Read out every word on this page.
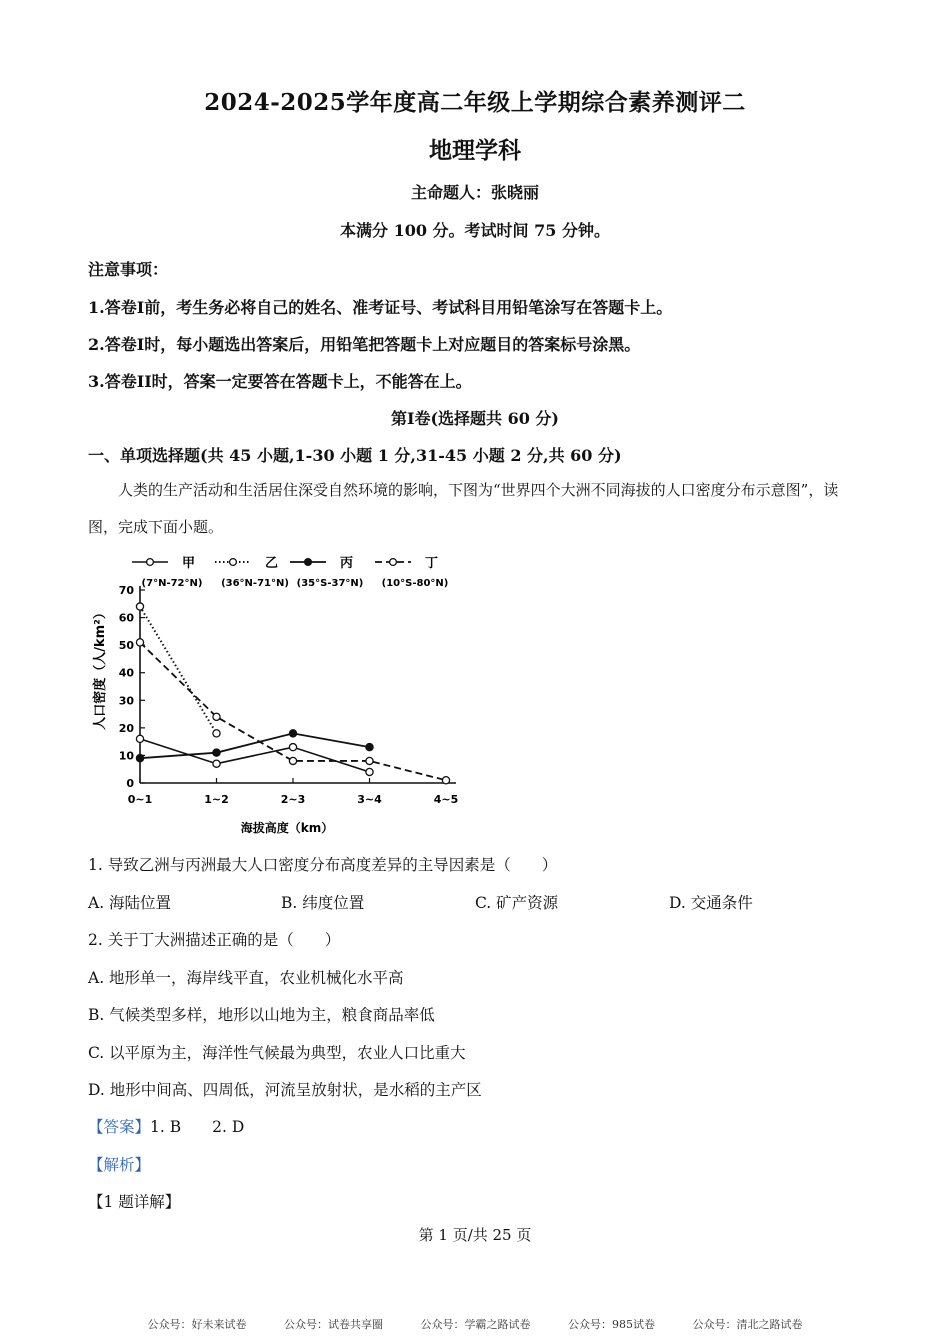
2024-2025学年度高二年级上学期综合素养测评二
地理学科
主命题人：张晓丽
本满分 100 分。考试时间 75 分钟。
注意事项：
1.答卷I前，考生务必将自己的姓名、准考证号、考试科目用铅笔涂写在答题卡上。
2.答卷I时，每小题选出答案后，用铅笔把答题卡上对应题目的答案标号涂黑。
3.答卷II时，答案一定要答在答题卡上，不能答在上。
第I卷(选择题共 60 分)
一、单项选择题(共 45 小题,1-30 小题 1 分,31-45 小题 2 分,共 60 分)
人类的生产活动和生活居住深受自然环境的影响，下图为“世界四个大洲不同海拔的人口密度分布示意图”，读图，完成下面小题。
甲
(7°N-72°N)
乙
(36°N-71°N)
丙
(35°S-37°N)
丁
(10°S-80°N)
0
10
20
30
40
50
60
70
0~1	1~2	2~3	3~4	4~5
人口密度（人/km²）
海拔高度（km）
1. 导致乙洲与丙洲最大人口密度分布高度差异的主导因素是（　　）
A. 海陆位置	B. 纬度位置	C. 矿产资源	D. 交通条件
2. 关于丁大洲描述正确的是（　　）
A. 地形单一，海岸线平直，农业机械化水平高
B. 气候类型多样，地形以山地为主，粮食商品率低
C. 以平原为主，海洋性气候最为典型，农业人口比重大
D. 地形中间高、四周低，河流呈放射状，是水稻的主产区
【答案】1. B　　2. D
【解析】
【1 题详解】
第 1 页/共 25 页
公众号：好未来试卷	公众号：试卷共享圈	公众号：学霸之路试卷	公众号：985试卷	公众号：清北之路试卷
